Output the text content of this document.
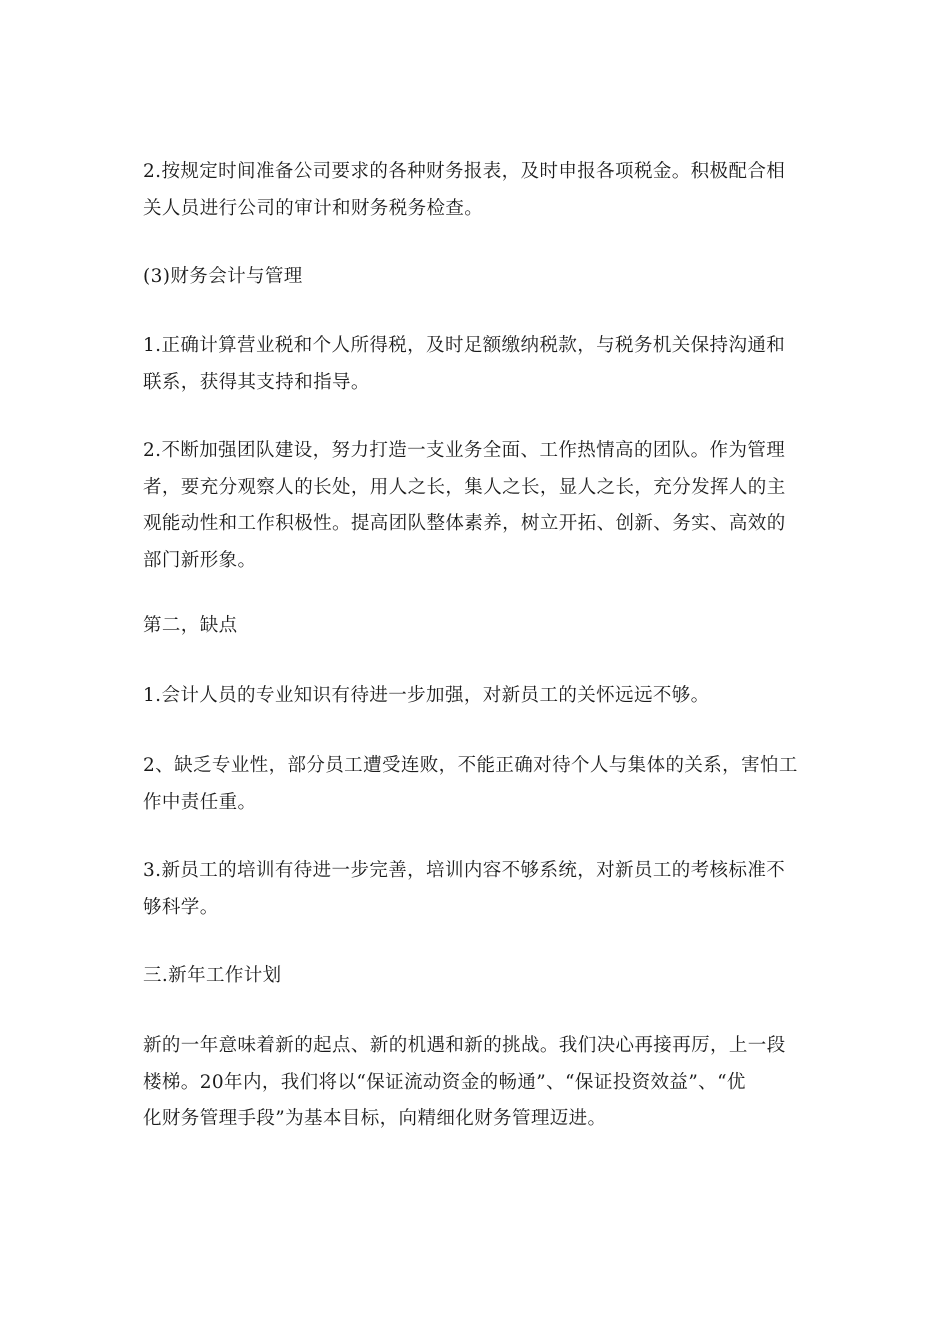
2.按规定时间准备公司要求的各种财务报表，及时申报各项税金。积极配合相
关人员进行公司的审计和财务税务检查。

(3)财务会计与管理

1.正确计算营业税和个人所得税，及时足额缴纳税款，与税务机关保持沟通和
联系，获得其支持和指导。

2.不断加强团队建设，努力打造一支业务全面、工作热情高的团队。作为管理
者，要充分观察人的长处，用人之长，集人之长，显人之长，充分发挥人的主
观能动性和工作积极性。提高团队整体素养，树立开拓、创新、务实、高效的
部门新形象。

第二，缺点

1.会计人员的专业知识有待进一步加强，对新员工的关怀远远不够。

2、缺乏专业性，部分员工遭受连败，不能正确对待个人与集体的关系，害怕工
作中责任重。

3.新员工的培训有待进一步完善，培训内容不够系统，对新员工的考核标准不
够科学。

三.新年工作计划

新的一年意味着新的起点、新的机遇和新的挑战。我们决心再接再厉，上一段
楼梯。20年内，我们将以“保证流动资金的畅通”、“保证投资效益”、“优
化财务管理手段”为基本目标，向精细化财务管理迈进。
